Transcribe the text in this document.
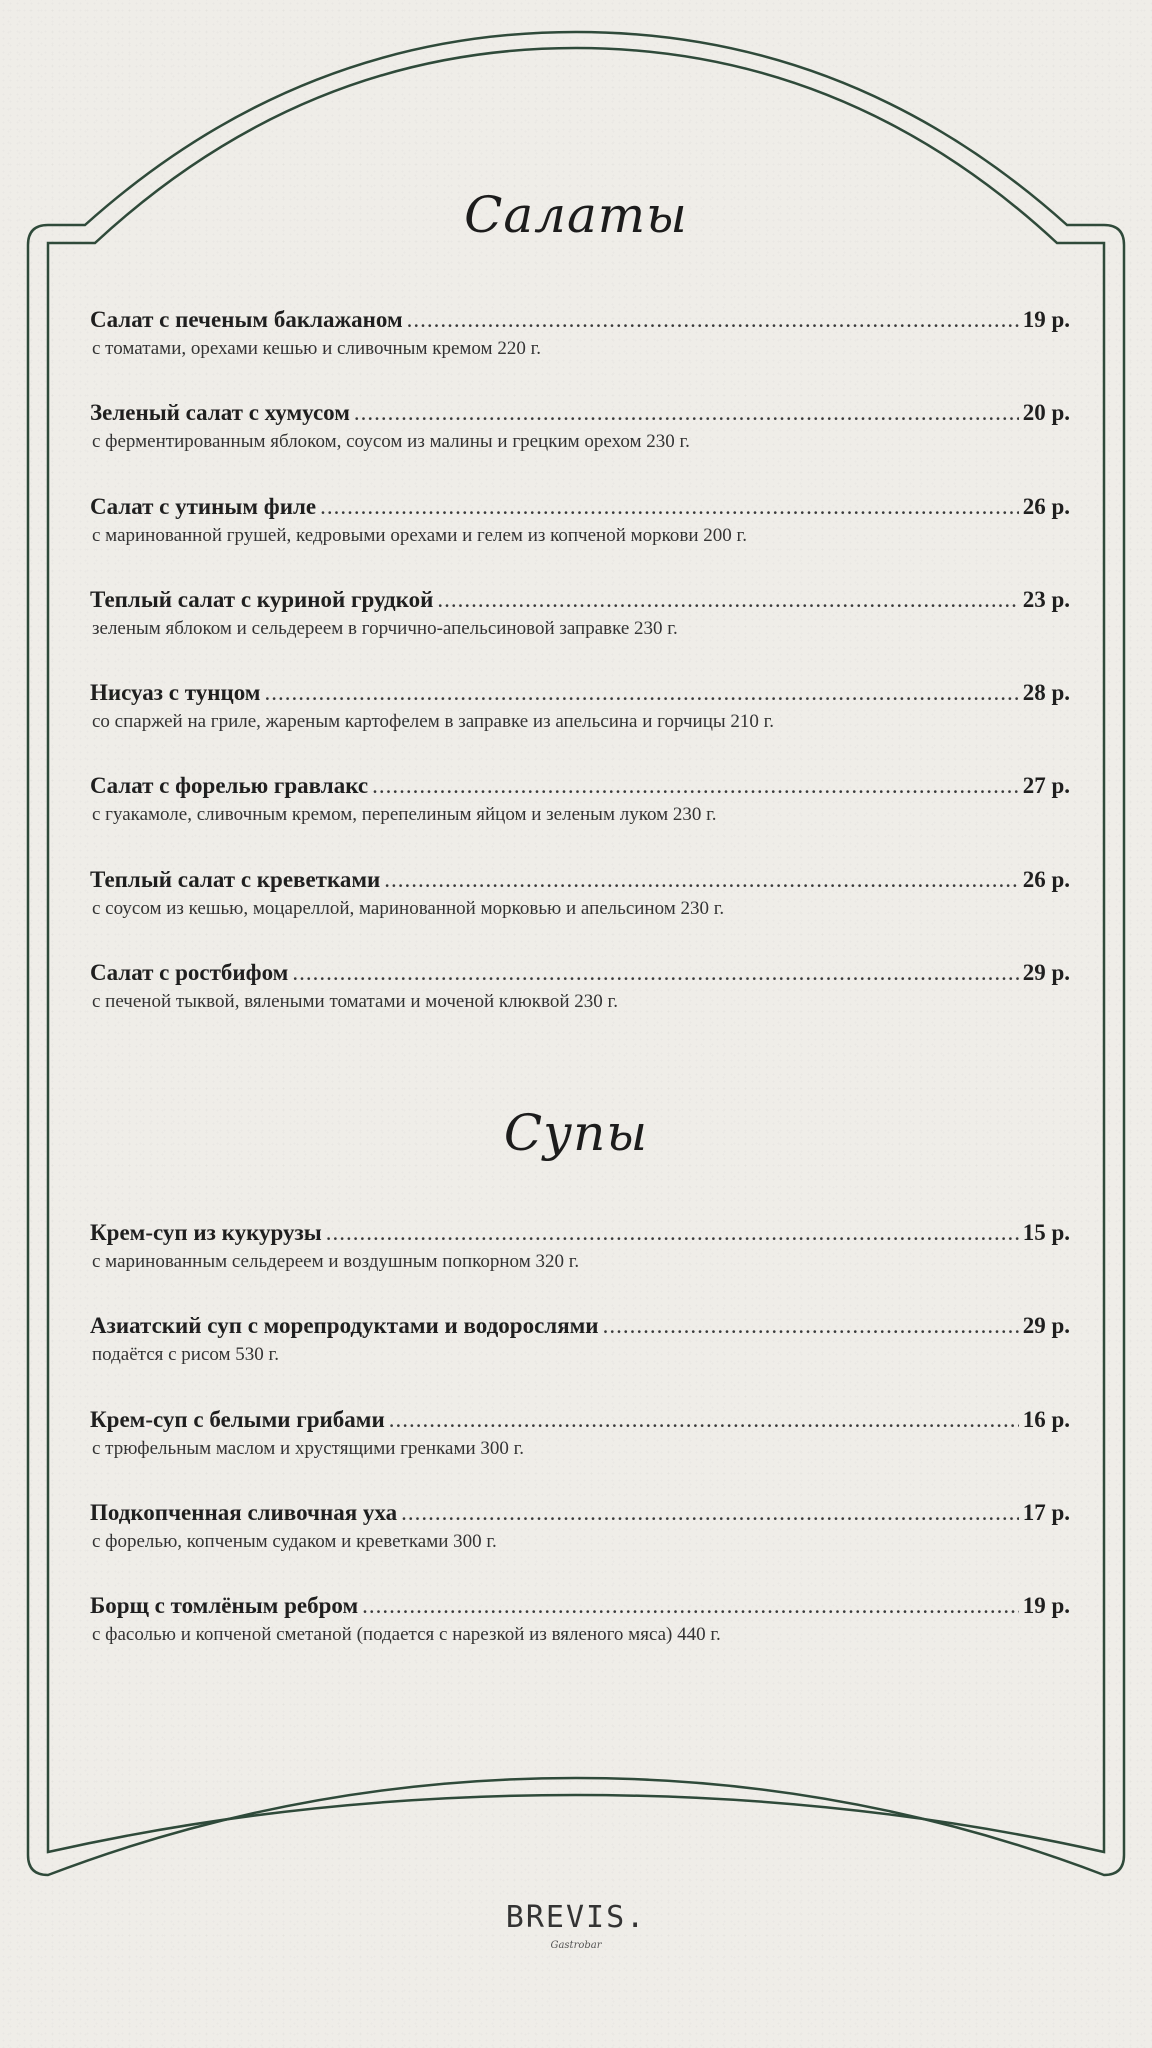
Салаты
Салат с печеным баклажаном .....	19 р.
с томатами, орехами кешью и сливочным кремом 220 г.
Зеленый салат с хумусом .....	20 р.
с ферментированным яблоком, соусом из малины и грецким орехом 230 г.
Салат с утиным филе .....	26 р.
с маринованной грушей, кедровыми орехами и гелем из копченой моркови 200 г.
Теплый салат с куриной грудкой .....	23 р.
зеленым яблоком и сельдереем в горчично-апельсиновой заправке 230 г.
Нисуаз с тунцом .....	28 р.
со спаржей на гриле, жареным картофелем в заправке из апельсина и горчицы 210 г.
Салат с форелью гравлакс .....	27 р.
с гуакамоле, сливочным кремом, перепелиным яйцом и зеленым луком 230 г.
Теплый салат с креветками .....	26 р.
с соусом из кешью, моцареллой, маринованной морковью и апельсином 230 г.
Салат с ростбифом .....	29 р.
с печеной тыквой, вялеными томатами и моченой клюквой 230 г.
Супы
Крем-суп из кукурузы .....	15 р.
с маринованным сельдереем и воздушным попкорном 320 г.
Азиатский суп с морепродуктами и водорослями .....	29 р.
подаётся с рисом 530 г.
Крем-суп с белыми грибами .....	16 р.
с трюфельным маслом и хрустящими гренками 300 г.
Подкопченная сливочная уха .....	17 р.
с форелью, копченым судаком и креветками 300 г.
Борщ с томлёным ребром .....	19 р.
с фасолью и копченой сметаной (подается с нарезкой из вяленого мяса) 440 г.
BREVIS.
Gastrobar
